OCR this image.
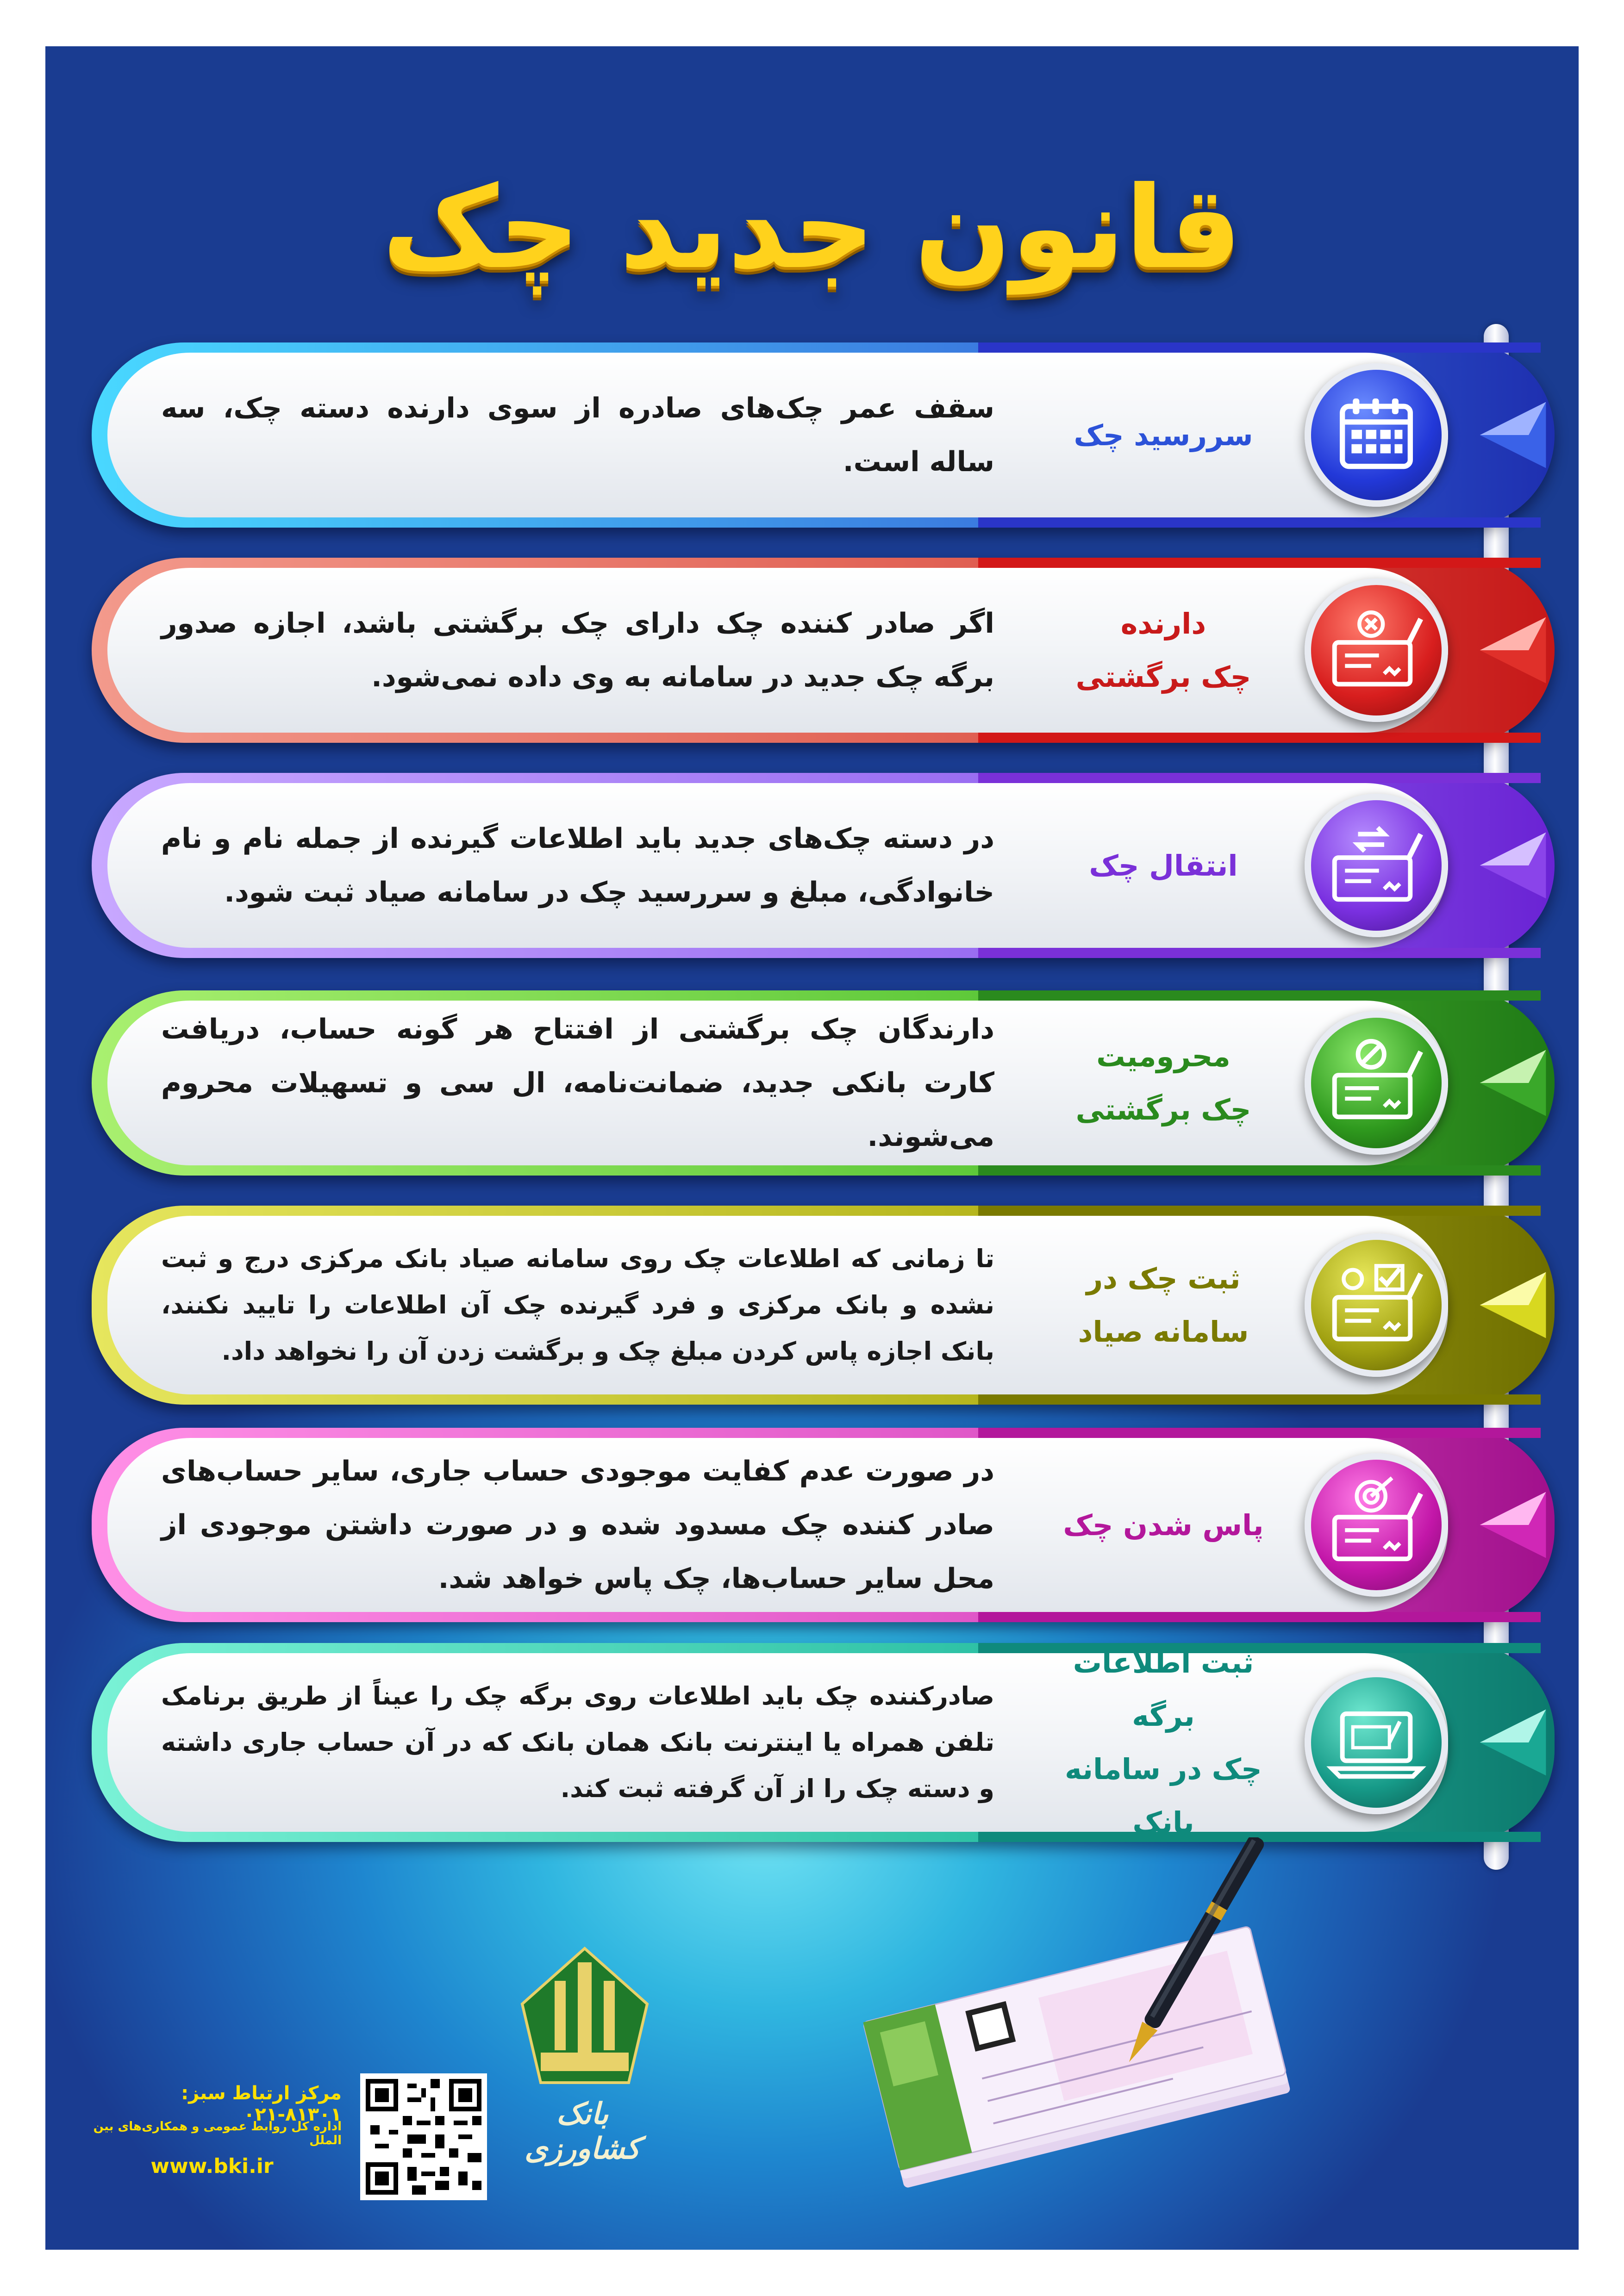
قانون جدید چک
سقف عمر چک‌های صادره از سوی دارنده دسته چک، سه ساله است.
سررسید چک
اگر صادر کننده چک دارای چک برگشتی باشد، اجازه صدور برگه چک جدید در سامانه به وی داده نمی‌شود.
دارنده
چک برگشتی
در دسته چک‌های جدید باید اطلاعات گیرنده از جمله نام و نام خانوادگی، مبلغ و سررسید چک در سامانه صیاد ثبت شود.
انتقال چک
دارندگان چک برگشتی از افتتاح هر گونه حساب، دریافت کارت بانکی جدید، ضمانت‌نامه، ال سی و تسهیلات محروم می‌شوند.
محرومیت
چک برگشتی
تا زمانی که اطلاعات چک روی سامانه صیاد بانک مرکزی درج و ثبت نشده و بانک مرکزی و فرد گیرنده چک آن اطلاعات را تایید نکنند، بانک اجازه پاس کردن مبلغ چک و برگشت زدن آن را نخواهد داد.
ثبت چک در
سامانه صیاد
در صورت عدم کفایت موجودی حساب جاری، سایر حساب‌های صادر کننده چک مسدود شده و در صورت داشتن موجودی از محل سایر حساب‌ها، چک پاس خواهد شد.
پاس شدن چک
صادرکننده چک باید اطلاعات روی برگه چک را عیناً از طریق برنامک تلفن همراه یا اینترنت بانک همان بانک که در آن حساب جاری داشته و دسته چک را از آن گرفته ثبت کند.
ثبت اطلاعات برگه
چک در سامانه بانک
بانک کشاورزی
مرکز ارتباط سبز: ۸۱۳۰۱-۰۲۱
اداره کل روابط عمومی و همکاری‌های بین الملل
www.bki.ir
